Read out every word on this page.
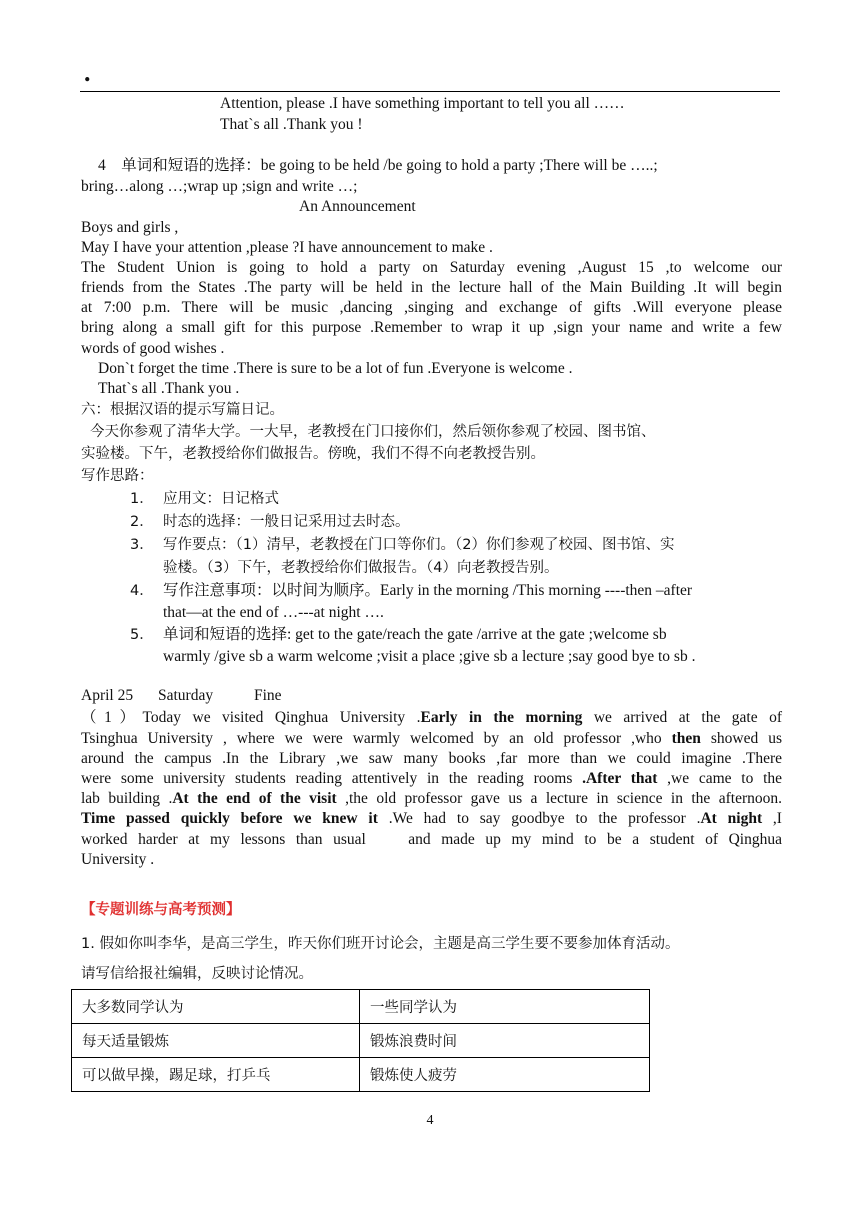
.
Attention, please .I have something important to tell you all ……
That`s all .Thank you !
4    单词和短语的选择：be going to be held /be going to hold a party ;There will be …..;
bring…along …;wrap up ;sign and write …;
An Announcement
Boys and girls ,
May I have your attention ,please ?I have announcement to make .
The Student Union is going to hold a party on Saturday evening ,August 15 ,to welcome our
friends from the States .The party will be held in the lecture hall of the Main Building .It will begin
at 7:00 p.m. There will be music ,dancing ,singing and exchange of gifts .Will everyone please
bring along a small gift for this purpose .Remember to wrap it up ,sign your name and write a few
words of good wishes .
Don`t forget the time .There is sure to be a lot of fun .Everyone is welcome .
That`s all .Thank you .
六：根据汉语的提示写篇日记。
今天你参观了清华大学。一大早，老教授在门口接你们，然后领你参观了校园、图书馆、
实验楼。下午，老教授给你们做报告。傍晚，我们不得不向老教授告别。
写作思路：
1． 应用文：日记格式
2． 时态的选择：一般日记采用过去时态。
3． 写作要点：（1）清早，老教授在门口等你们。（2）你们参观了校园、图书馆、实
验楼。（3）下午，老教授给你们做报告。（4）向老教授告别。
4． 写作注意事项：以时间为顺序。Early in the morning /This morning ----then –after
that—at the end of …---at night ….
5． 单词和短语的选择: get to the gate/reach the gate /arrive at the gate ;welcome sb
warmly /give sb a warm welcome ;visit a place ;give sb a lecture ;say good bye to sb .
April 25 Saturday	Fine
（1）Today we visited Qinghua University .Early in the morning we arrived at the gate of
Tsinghua University , where we were warmly welcomed by an old professor ,who then showed us
around the campus .In the Library ,we saw many books ,far more than we could imagine .There
were some university students reading attentively in the reading rooms .After that ,we came to the
lab building .At the end of the visit ,the old professor gave us a lecture in science in the afternoon.
Time passed quickly before we knew it .We had to say goodbye to the professor .At night ,I
worked harder at my lessons than usual    and made up my mind to be a student of Qinghua
University .
【专题训练与高考预测】
1. 假如你叫李华，是高三学生，昨天你们班开讨论会，主题是高三学生要不要参加体育活动。
请写信给报社编辑，反映讨论情况。
大多数同学认为	一些同学认为
每天适量锻炼	锻炼浪费时间
可以做早操，踢足球，打乒乓	锻炼使人疲劳
4
